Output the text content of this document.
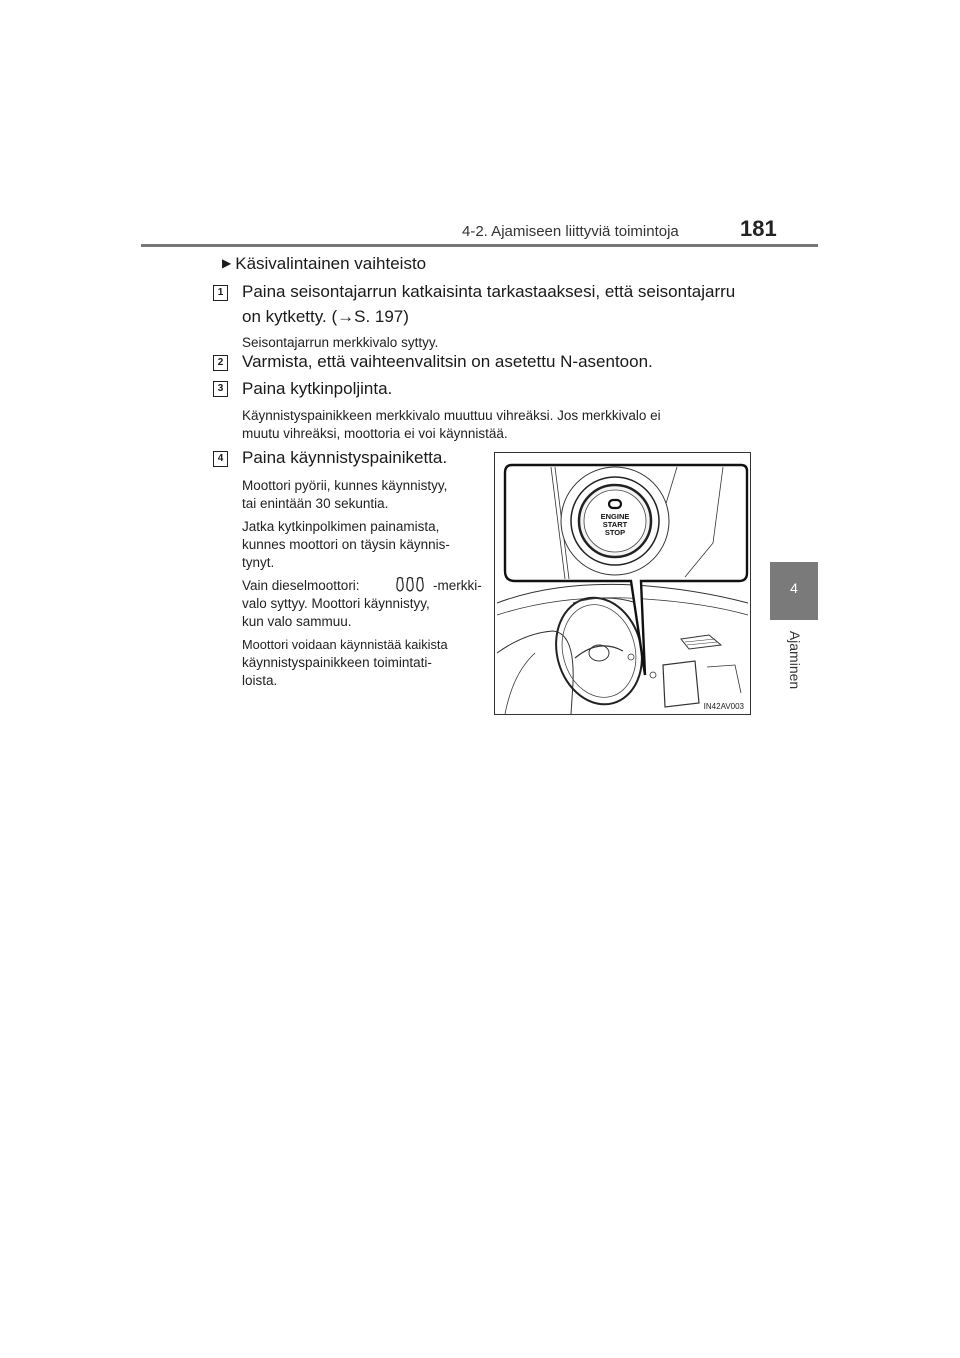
4-2. Ajamiseen liittyviä toimintoja	181
4
Ajaminen
▶ Käsivalintainen vaihteisto
1 Paina seisontajarrun katkaisinta tarkastaaksesi, että seisontajarru
on kytketty. (→S. 197)
Seisontajarrun merkkivalo syttyy.
2 Varmista, että vaihteenvalitsin on asetettu N-asentoon.
3 Paina kytkinpoljinta.
Käynnistyspainikkeen merkkivalo muuttuu vihreäksi. Jos merkkivalo ei
muutu vihreäksi, moottoria ei voi käynnistää.
4 Paina käynnistyspainiketta.
Moottori pyörii, kunnes käynnistyy,
tai enintään 30 sekuntia.
Jatka kytkinpolkimen painamista,
kunnes moottori on täysin käynnis-
tynyt.
Vain dieselmoottori:	-merkki-
valo syttyy. Moottori käynnistyy,
kun valo sammuu.
Moottori voidaan käynnistää kaikista
käynnistyspainikkeen toimintati-
loista.
ENGINE
START
STOP
IN42AV003
